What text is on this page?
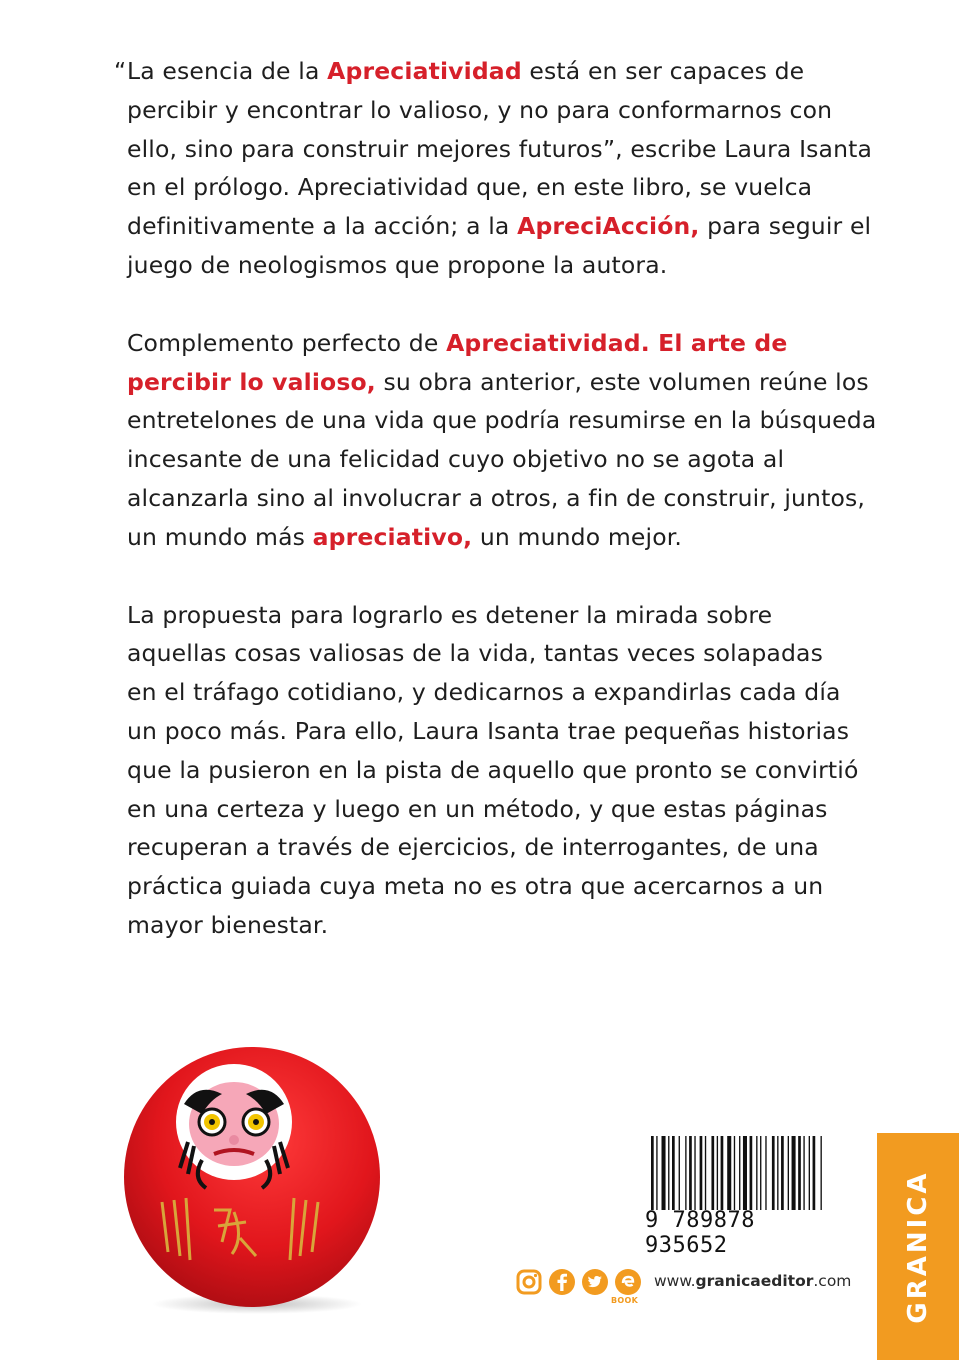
“ La esencia de la Apreciatividad está en ser capaces de
percibir y encontrar lo valioso, y no para conformarnos con
ello, sino para construir mejores futuros”, escribe Laura Isanta
en el prólogo. Apreciatividad que, en este libro, se vuelca
definitivamente a la acción; a la ApreciAcción, para seguir el
juego de neologismos que propone la autora.

Complemento perfecto de Apreciatividad. El arte de
percibir lo valioso, su obra anterior, este volumen reúne los
entretelones de una vida que podría resumirse en la búsqueda
incesante de una felicidad cuyo objetivo no se agota al
alcanzarla sino al involucrar a otros, a fin de construir, juntos,
un mundo más apreciativo, un mundo mejor.

La propuesta para lograrlo es detener la mirada sobre
aquellas cosas valiosas de la vida, tantas veces solapadas
en el tráfago cotidiano, y dedicarnos a expandirlas cada día
un poco más. Para ello, Laura Isanta trae pequeñas historias
que la pusieron en la pista de aquello que pronto se convirtió
en una certeza y luego en un método, y que estas páginas
recuperan a través de ejercicios, de interrogantes, de una
práctica guiada cuya meta no es otra que acercarnos a un
mayor bienestar.

9 789878 935652
BOOK
www.granicaeditor.com GRANICA
